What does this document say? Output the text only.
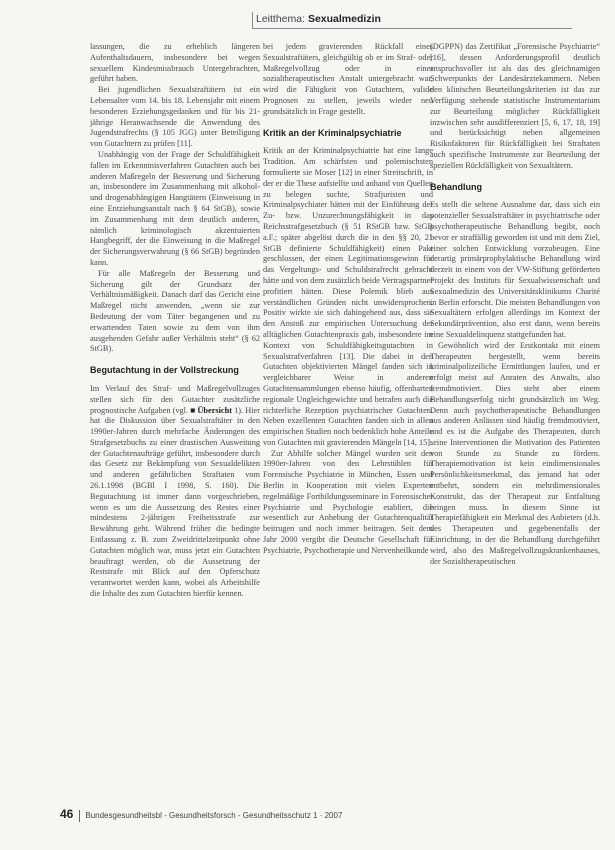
Leitthema: Sexualmedizin

lassungen, die zu erheblich längeren Aufenthaltsdauern, insbesondere bei wegen sexuellem Kindesmissbrauch Untergebrachten, geführt haben.

Bei jugendlichen Sexualstraftätern ist ein Lebensalter vom 14. bis 18. Lebensjahr mit einem besonderen Erziehungsgedanken und für bis 21-jährige Heranwachsende die Anwendung des Jugendstrafrechts (§ 105 JGG) unter Beteiligung von Gutachtern zu prüfen [11].

Unabhängig von der Frage der Schuldfähigkeit fallen im Erkenntnisverfahren Gutachten auch bei anderen Maßregeln der Besserung und Sicherung an, insbesondere im Zusammenhang mit alkohol- und drogenabhängigen Hangtätern (Einweisung in eine Entziehungsanstalt nach § 64 StGB), sowie im Zusammenhang mit dem deutlich anderen, nämlich kriminologisch akzentuierten Hangbegriff, der die Einweisung in die Maßregel der Sicherungsverwahrung (§ 66 StGB) begründen kann.

Für alle Maßregeln der Besserung und Sicherung gilt der Grundsatz der Verhältnismäßigkeit. Danach darf das Gericht eine Maßregel nicht anwenden, „wenn sie zur Bedeutung der vom Täter begangenen und zu erwartenden Taten sowie zu dem von ihm ausgehenden Gefahr außer Verhältnis steht“ (§ 62 StGB).

Begutachtung in der Vollstreckung

Im Verlauf des Straf- und Maßregelvollzuges stellen sich für den Gutachter zusätzliche prognostische Aufgaben (vgl. ■ Übersicht 1). Hier hat die Diskussion über Sexualstraftäter in den 1990er-Jahren durch mehrfache Änderungen des Strafgesetzbuchs zu einer drastischen Ausweitung der Gutachtenaufträge geführt, insbesondere durch das Gesetz zur Bekämpfung von Sexualdelikten und anderen gefährlichen Straftaten vom 26.1.1998 (BGBl I 1998, S. 160). Die Begutachtung ist immer dann vorgeschrieben, wenn es um die Aussetzung des Restes einer mindestens 2-jährigen Freiheitsstrafe zur Bewährung geht. Während früher die bedingte Entlassung z. B. zum Zweidrittelzeitpunkt ohne Gutachten möglich war, muss jetzt ein Gutachten beauftragt werden, ob die Aussetzung der Reststrafe mit Blick auf den Opferschutz verantwortet werden kann, wobei als Arbeitshilfe die Inhalte des zum Gutachten hierfür kennen.

bei jedem gravierenden Rückfall eines Sexualstraftäters, gleichgültig ob er im Straf- oder Maßregelvollzug oder in einer sozialtherapeutischen Anstalt untergebracht war, wird die Fähigkeit von Gutachtern, valide Prognosen zu stellen, jeweils wieder neu grundsätzlich in Frage gestellt.

Kritik an der Kriminalpsychiatrie

Kritik an der Kriminalpsychiatrie hat eine lange Tradition. Am schärfsten und polemischsten formulierte sie Moser [12] in einer Streitschrift, in der er die These aufstellte und anhand von Quellen zu belegen suchte, Strafjuristen und Kriminalpsychiater hätten mit der Einführung der Zu- bzw. Unzurechnungsfähigkeit in das Reichsstrafgesetzbuch (§ 51 RStGB bzw. StGB a.F.; später abgelöst durch die in den §§ 20, 21 StGB definierte Schuldfähigkeit) einen Pakt geschlossen, der einen Legitimationsgewinn für das Vergeltungs- und Schuldstrafrecht gebracht hätte und von dem zusätzlich beide Vertragspartner profitiert hätten. Diese Polemik blieb aus verständlichen Gründen nicht unwidersprochen. Positiv wirkte sie sich dahingehend aus, dass sie den Anstoß zur empirischen Untersuchung der alltäglichen Gutachtenpraxis gab, insbesondere im Kontext von Schuldfähigkeitsgutachten in Sexualstrafverfahren [13]. Die dabei in den Gutachten objektivierten Mängel fanden sich in vergleichbarer Weise in anderen Gutachtensammlungen ebenso häufig, offenbarten regionale Ungleichgewichte und betrafen auch die richterliche Rezeption psychiatrischer Gutachten. Neben exzellenten Gutachten fanden sich in allen empirischen Studien noch bedenklich hohe Anteile von Gutachten mit gravierenden Mängeln [14, 15].

Zur Abhilfe solcher Mängel wurden seit den 1990er-Jahren von den Lehrstühlen für Forensische Psychiatrie in München, Essen und Berlin in Kooperation mit vielen Experten regelmäßige Fortbildungsseminare in Forensischer Psychiatrie und Psychologie etabliert, die wesentlich zur Anhebung der Gutachtenqualität beitrugen und noch immer beitragen. Seit dem Jahr 2000 vergibt die Deutsche Gesellschaft für Psychiatrie, Psychotherapie und Nervenheilkunde

(DGPPN) das Zertifikat „Forensische Psychiatrie“ [16], dessen Anforderungsprofil deutlich anspruchsvoller ist als das des gleichnamigen Schwerpunkts der Landesärztekammern. Neben den klinischen Beurteilungskriterien ist das zur Verfügung stehende statistische Instrumentarium zur Beurteilung möglicher Rückfälligkeit inzwischen sehr ausdifferenziert [5, 6, 17, 18, 19] und berücksichtigt neben allgemeinen Risikofaktoren für Rückfälligkeit bei Straftaten auch spezifische Instrumente zur Beurteilung der speziellen Rückfälligkeit von Sexualtätern.

Behandlung

Es stellt die seltene Ausnahme dar, dass sich ein potenzieller Sexualstraftäter in psychiatrische oder psychotherapeutische Behandlung begibt, noch bevor er straffällig geworden ist und mit dem Ziel, einer solchen Entwicklung vorzubeugen. Eine derartig primärprophylaktische Behandlung wird derzeit in einem von der VW-Stiftung geförderten Projekt des Instituts für Sexualwissenschaft und Sexualmedizin des Universitätsklinikums Charité in Berlin erforscht. Die meisten Behandlungen von Sexualtätern erfolgen allerdings im Kontext der Sekundärprävention, also erst dann, wenn bereits eine Sexualdelinquenz stattgefunden hat.

Gewöhnlich wird der Erstkontakt mit einem Therapeuten hergestellt, wenn bereits kriminalpolizeiliche Ermittlungen laufen, und er erfolgt meist auf Anraten des Anwalts, also fremdmotiviert. Dies steht aber einem Behandlungserfolg nicht grundsätzlich im Weg. Denn auch psychotherapeutische Behandlungen aus anderen Anlässen sind häufig fremdmotiviert, und es ist die Aufgabe des Therapeuten, durch seine Interventionen die Motivation des Patienten von Stunde zu Stunde zu fördern. Therapiemotivation ist kein eindimensionales Persönlichkeitsmerkmal, das jemand hat oder entbehrt, sondern ein mehrdimensionales Konstrukt, das der Therapeut zur Entfaltung bringen muss. In diesem Sinne ist Therapiefähigkeit ein Merkmal des Anbieters (d.h. des Therapeuten und gegebenenfalls der Einrichtung, in der die Behandlung durchgeführt wird, also des Maßregelvollzugskrankenhauses, der Sozialtherapeutischen

46 Bundesgesundheitsbl - Gesundheitsforsch - Gesundheitsschutz 1 · 2007
